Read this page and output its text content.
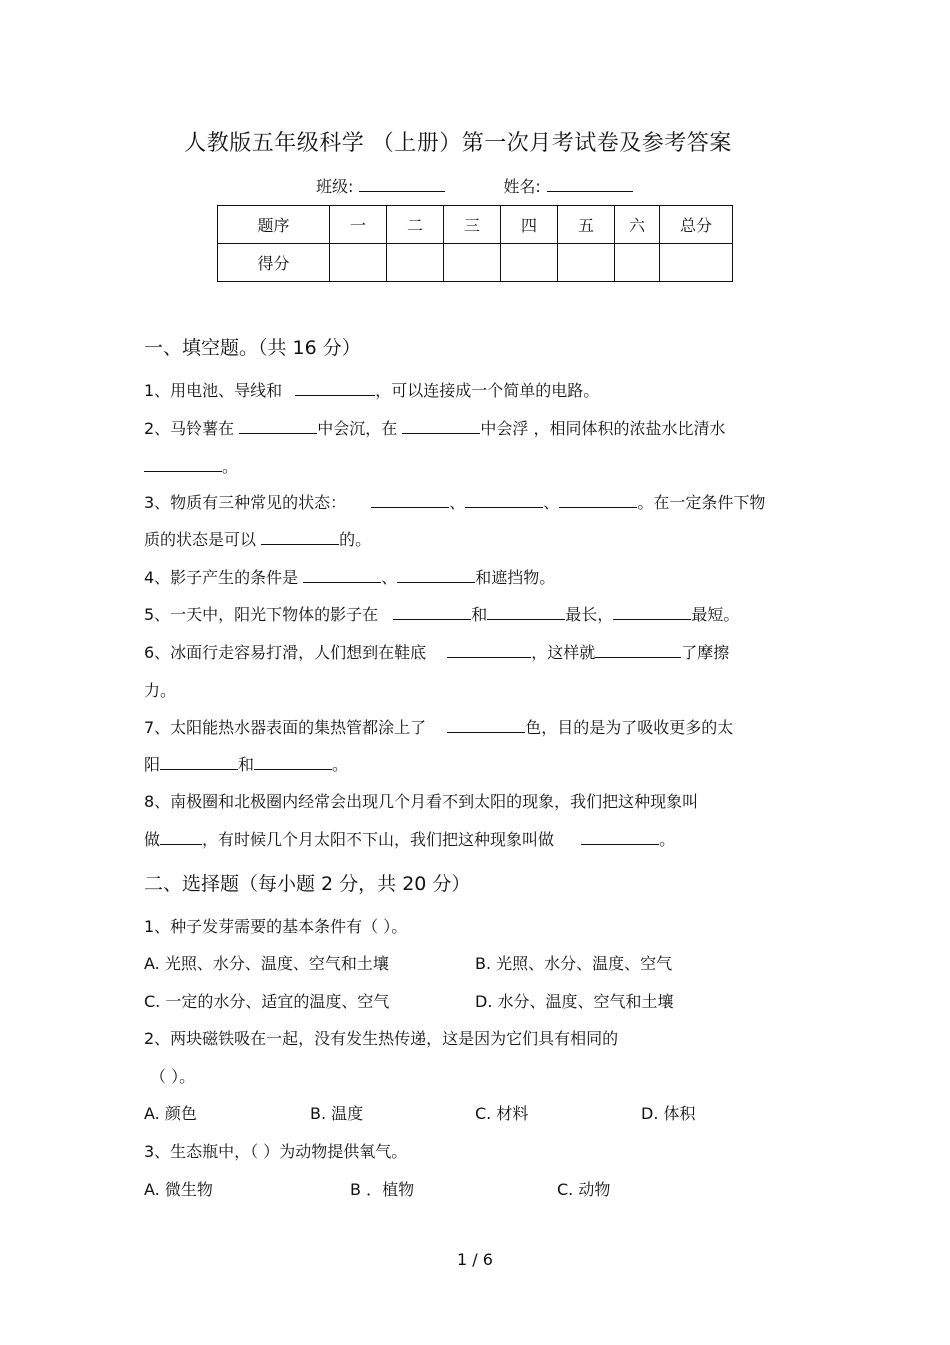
人教版五年级科学 （上册）第一次月考试卷及参考答案
班级:	姓名:
题序	一	二	三	四	五	六	总分
得分							
一、填空题。（共 16 分）
1、用电池、导线和	，可以连接成一个简单的电路。
2、马铃薯在	中会沉，在	中会浮 ，相同体积的浓盐水比清水
。
3、物质有三种常见的状态：	、	、	。在一定条件下物
质的状态是可以	的。
4、影子产生的条件是	、	和遮挡物。
5、一天中，阳光下物体的影子在	和	最长，	最短。
6、冰面行走容易打滑，人们想到在鞋底	，这样就	了摩擦
力。
7、太阳能热水器表面的集热管都涂上了	色，目的是为了吸收更多的太
阳	和	。
8、南极圈和北极圈内经常会出现几个月看不到太阳的现象，我们把这种现象叫
做	，有时候几个月太阳不下山，我们把这种现象叫做	。
二、选择题（每小题 2 分，共 20 分）
1、种子发芽需要的基本条件有（ ）。
A. 光照、水分、温度、空气和土壤	B. 光照、水分、温度、空气
C. 一定的水分、适宜的温度、空气	D. 水分、温度、空气和土壤
2、两块磁铁吸在一起，没有发生热传递，这是因为它们具有相同的
（ ）。
A. 颜色	B. 温度	C. 材料	D. 体积
3、生态瓶中，（ ）为动物提供氧气。
A. 微生物	B ．植物	C. 动物
1 / 6
